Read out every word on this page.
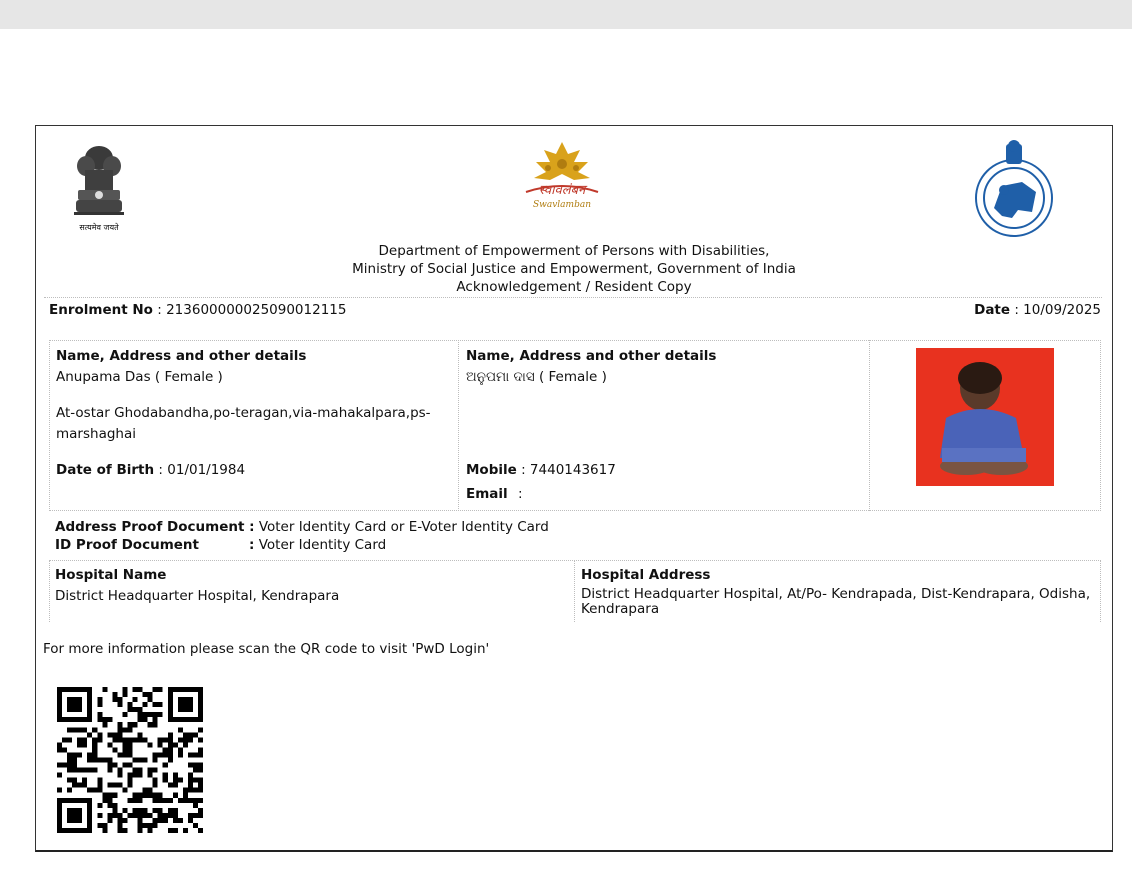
सत्यमेव जयते
स्वावलंबन
Swavlamban
Department of Empowerment of Persons with Disabilities,
Ministry of Social Justice and Empowerment, Government of India
Acknowledgement / Resident Copy
Enrolment No : 213600000025090012115	Date : 10/09/2025
Name, Address and other details
Anupama Das ( Female )
At-ostar Ghodabandha,po-teragan,via-mahakalpara,ps-marshaghai
Date of Birth : 01/01/1984
Name, Address and other details
ଅନୁପମା ଦାସ ( Female )
Mobile : 7440143617
Email :
Address Proof Document : Voter Identity Card or E-Voter Identity Card
ID Proof Document	: Voter Identity Card
Hospital Name
District Headquarter Hospital, Kendrapara
Hospital Address
District Headquarter Hospital, At/Po- Kendrapada, Dist-Kendrapara, Odisha,
Kendrapara
For more information please scan the QR code to visit 'PwD Login'
